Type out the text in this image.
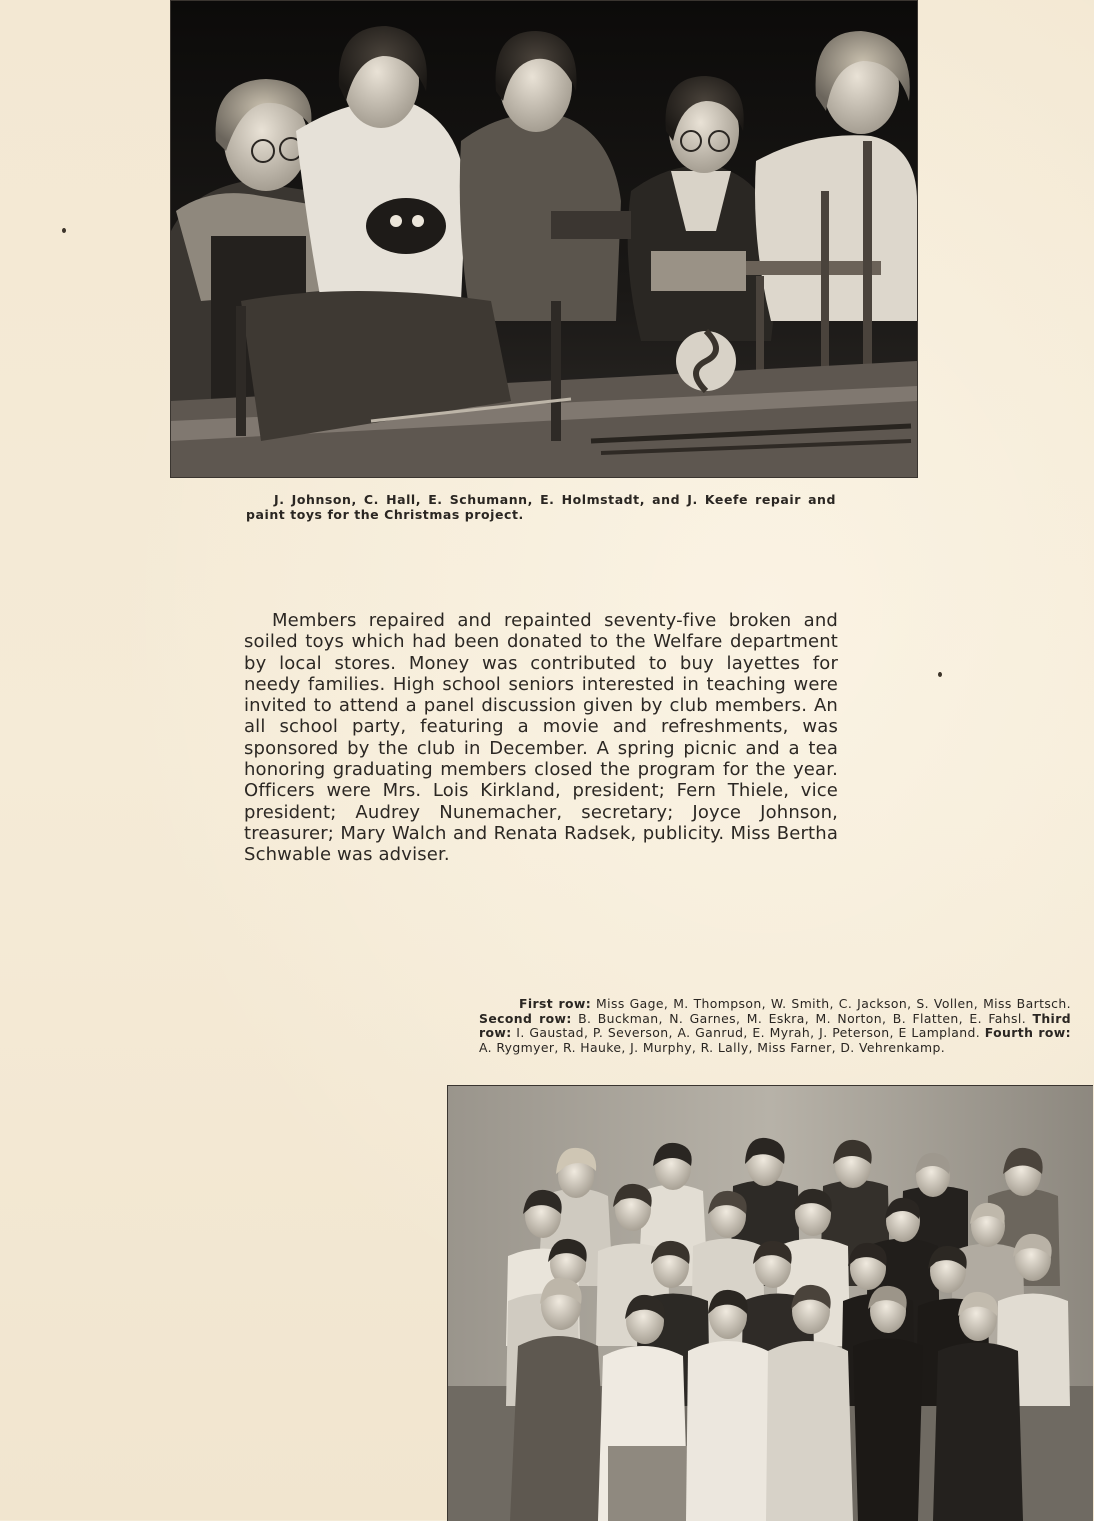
J. Johnson, C. Hall, E. Schumann, E. Holmstadt, and J. Keefe repair and paint toys for the Christmas project.

Members repaired and repainted seventy-five broken and soiled toys which had been donated to the Welfare department by local stores. Money was contributed to buy layettes for needy families. High school seniors interested in teaching were invited to attend a panel discussion given by club members. An all school party, featuring a movie and refreshments, was sponsored by the club in December. A spring picnic and a tea honoring graduating members closed the program for the year. Officers were Mrs. Lois Kirkland, president; Fern Thiele, vice president; Audrey Nunemacher, secretary; Joyce Johnson, treasurer; Mary Walch and Renata Radsek, publicity. Miss Bertha Schwable was adviser.

First row: Miss Gage, M. Thompson, W. Smith, C. Jackson, S. Vollen, Miss Bartsch. Second row: B. Buckman, N. Garnes, M. Eskra, M. Norton, B. Flatten, E. Fahsl. Third row: I. Gaustad, P. Severson, A. Ganrud, E. Myrah, J. Peterson, E Lampland. Fourth row: A. Rygmyer, R. Hauke, J. Murphy, R. Lally, Miss Farner, D. Vehrenkamp.
